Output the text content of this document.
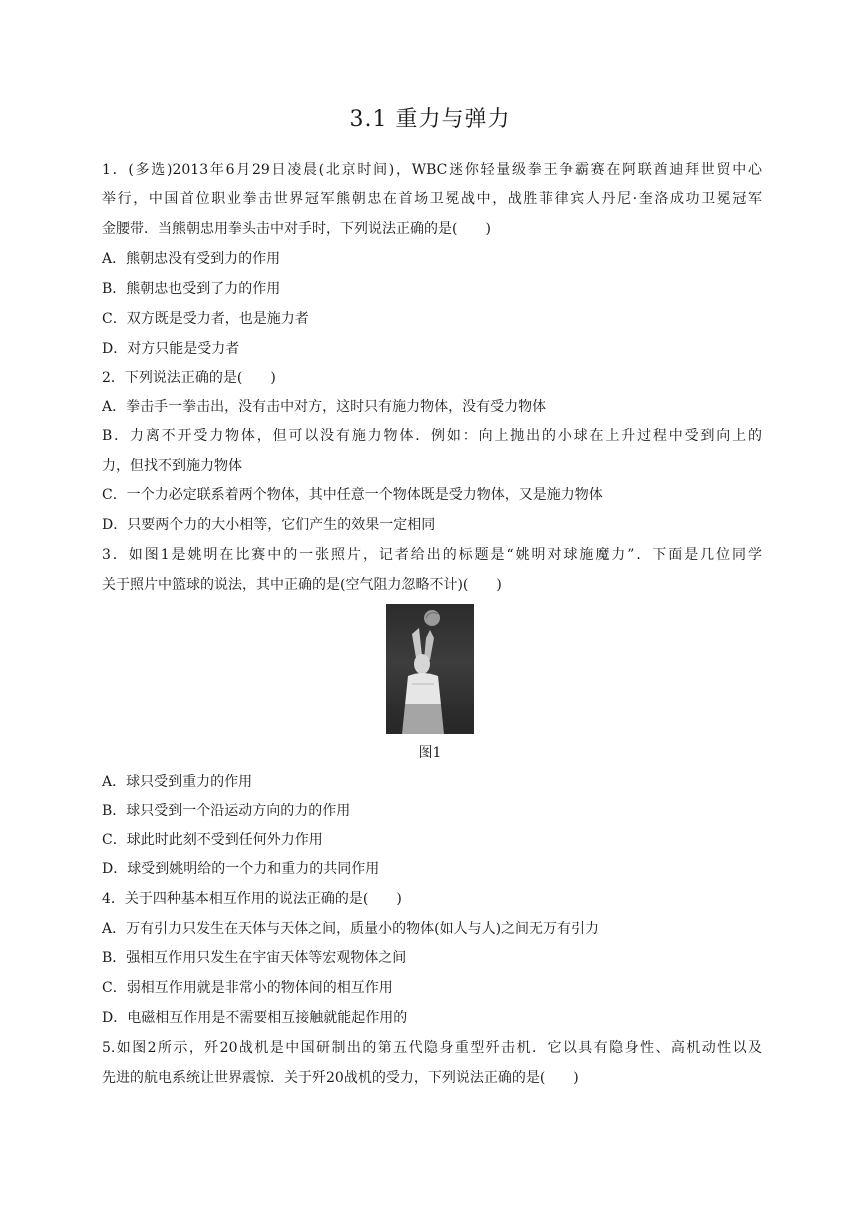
3.1 重力与弹力
1．(多选)2013年6月29日凌晨(北京时间)，WBC迷你轻量级拳王争霸赛在阿联酋迪拜世贸中心
举行，中国首位职业拳击世界冠军熊朝忠在首场卫冕战中，战胜菲律宾人丹尼·奎洛成功卫冕冠军
金腰带．当熊朝忠用拳头击中对手时，下列说法正确的是(　　)
A．熊朝忠没有受到力的作用
B．熊朝忠也受到了力的作用
C．双方既是受力者，也是施力者
D．对方只能是受力者
2．下列说法正确的是(　　)
A．拳击手一拳击出，没有击中对方，这时只有施力物体，没有受力物体
B．力离不开受力物体，但可以没有施力物体．例如：向上抛出的小球在上升过程中受到向上的
力，但找不到施力物体
C．一个力必定联系着两个物体，其中任意一个物体既是受力物体，又是施力物体
D．只要两个力的大小相等，它们产生的效果一定相同
3．如图1是姚明在比赛中的一张照片，记者给出的标题是“姚明对球施魔力”．下面是几位同学
关于照片中篮球的说法，其中正确的是(空气阻力忽略不计)(　　)
图1
A．球只受到重力的作用
B．球只受到一个沿运动方向的力的作用
C．球此时此刻不受到任何外力作用
D．球受到姚明给的一个力和重力的共同作用
4．关于四种基本相互作用的说法正确的是(　　)
A．万有引力只发生在天体与天体之间，质量小的物体(如人与人)之间无万有引力
B．强相互作用只发生在宇宙天体等宏观物体之间
C．弱相互作用就是非常小的物体间的相互作用
D．电磁相互作用是不需要相互接触就能起作用的
5.如图2所示，歼20战机是中国研制出的第五代隐身重型歼击机．它以具有隐身性、高机动性以及
先进的航电系统让世界震惊．关于歼20战机的受力，下列说法正确的是(　　)
